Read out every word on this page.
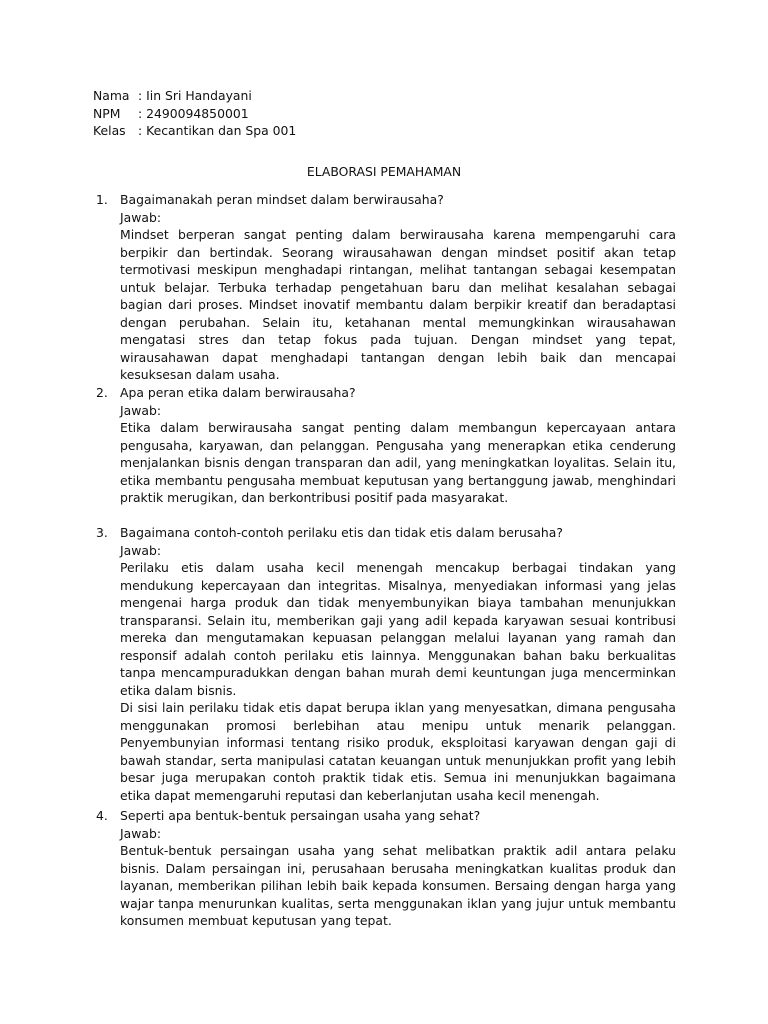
Nama : Iin Sri Handayani
NPM	: 2490094850001
Kelas : Kecantikan dan Spa 001
ELABORASI PEMAHAMAN
1. Bagaimanakah peran mindset dalam berwirausaha?
Jawab:

Mindset berperan sangat penting dalam berwirausaha karena mempengaruhi cara berpikir dan bertindak. Seorang wirausahawan dengan mindset positif akan tetap termotivasi meskipun menghadapi rintangan, melihat tantangan sebagai kesempatan untuk belajar. Terbuka terhadap pengetahuan baru dan melihat kesalahan sebagai bagian dari proses. Mindset inovatif membantu dalam berpikir kreatif dan beradaptasi dengan perubahan. Selain itu, ketahanan mental memungkinkan wirausahawan mengatasi stres dan tetap fokus pada tujuan. Dengan mindset yang tepat, wirausahawan dapat menghadapi tantangan dengan lebih baik dan mencapai kesuksesan dalam usaha.

2. Apa peran etika dalam berwirausaha?
Jawab:

Etika dalam berwirausaha sangat penting dalam membangun kepercayaan antara pengusaha, karyawan, dan pelanggan. Pengusaha yang menerapkan etika cenderung menjalankan bisnis dengan transparan dan adil, yang meningkatkan loyalitas. Selain itu, etika membantu pengusaha membuat keputusan yang bertanggung jawab, menghindari praktik merugikan, dan berkontribusi positif pada masyarakat.

3. Bagaimana contoh-contoh perilaku etis dan tidak etis dalam berusaha?
Jawab:

Perilaku etis dalam usaha kecil menengah mencakup berbagai tindakan yang mendukung kepercayaan dan integritas. Misalnya, menyediakan informasi yang jelas mengenai harga produk dan tidak menyembunyikan biaya tambahan menunjukkan transparansi. Selain itu, memberikan gaji yang adil kepada karyawan sesuai kontribusi mereka dan mengutamakan kepuasan pelanggan melalui layanan yang ramah dan responsif adalah contoh perilaku etis lainnya. Menggunakan bahan baku berkualitas tanpa mencampuradukkan dengan bahan murah demi keuntungan juga mencerminkan etika dalam bisnis.

Di sisi lain perilaku tidak etis dapat berupa iklan yang menyesatkan, dimana pengusaha menggunakan promosi berlebihan atau menipu untuk menarik pelanggan. Penyembunyian informasi tentang risiko produk, eksploitasi karyawan dengan gaji di bawah standar, serta manipulasi catatan keuangan untuk menunjukkan profit yang lebih besar juga merupakan contoh praktik tidak etis. Semua ini menunjukkan bagaimana etika dapat memengaruhi reputasi dan keberlanjutan usaha kecil menengah.

4. Seperti apa bentuk-bentuk persaingan usaha yang sehat?
Jawab:

Bentuk-bentuk persaingan usaha yang sehat melibatkan praktik adil antara pelaku bisnis. Dalam persaingan ini, perusahaan berusaha meningkatkan kualitas produk dan layanan, memberikan pilihan lebih baik kepada konsumen. Bersaing dengan harga yang wajar tanpa menurunkan kualitas, serta menggunakan iklan yang jujur untuk membantu konsumen membuat keputusan yang tepat.
